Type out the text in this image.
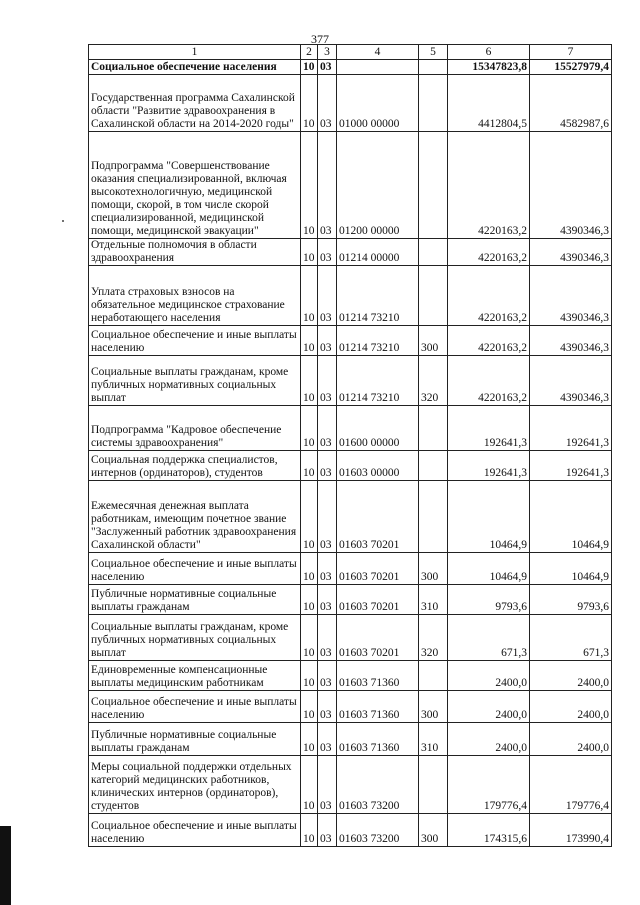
377
1	2	3	4	5	6	7
Социальное обеспечение населения	10	03			15347823,8	15527979,4
Государственная программа Сахалинской области "Развитие здравоохранения в Сахалинской области на 2014-2020 годы"	10	03	01000 00000		4412804,5	4582987,6
Подпрограмма "Совершенствование оказания специализированной, включая высокотехнологичную, медицинской помощи, скорой, в том числе скорой специализированной, медицинской помощи, медицинской эвакуации"	10	03	01200 00000		4220163,2	4390346,3
Отдельные полномочия в области здравоохранения	10	03	01214 00000		4220163,2	4390346,3
Уплата страховых взносов на обязательное медицинское страхование неработающего населения	10	03	01214 73210		4220163,2	4390346,3
Социальное обеспечение и иные выплаты населению	10	03	01214 73210	300	4220163,2	4390346,3
Социальные выплаты гражданам, кроме публичных нормативных социальных выплат	10	03	01214 73210	320	4220163,2	4390346,3
Подпрограмма "Кадровое обеспечение системы здравоохранения"	10	03	01600 00000		192641,3	192641,3
Социальная поддержка специалистов, интернов (ординаторов), студентов	10	03	01603 00000		192641,3	192641,3
Ежемесячная денежная выплата работникам, имеющим почетное звание "Заслуженный работник здравоохранения Сахалинской области"	10	03	01603 70201		10464,9	10464,9
Социальное обеспечение и иные выплаты населению	10	03	01603 70201	300	10464,9	10464,9
Публичные нормативные социальные выплаты гражданам	10	03	01603 70201	310	9793,6	9793,6
Социальные выплаты гражданам, кроме публичных нормативных социальных выплат	10	03	01603 70201	320	671,3	671,3
Единовременные компенсационные выплаты медицинским работникам	10	03	01603 71360		2400,0	2400,0
Социальное обеспечение и иные выплаты населению	10	03	01603 71360	300	2400,0	2400,0
Публичные нормативные социальные выплаты гражданам	10	03	01603 71360	310	2400,0	2400,0
Меры социальной поддержки отдельных категорий медицинских работников, клинических интернов (ординаторов), студентов	10	03	01603 73200		179776,4	179776,4
Социальное обеспечение и иные выплаты населению	10	03	01603 73200	300	174315,6	173990,4
